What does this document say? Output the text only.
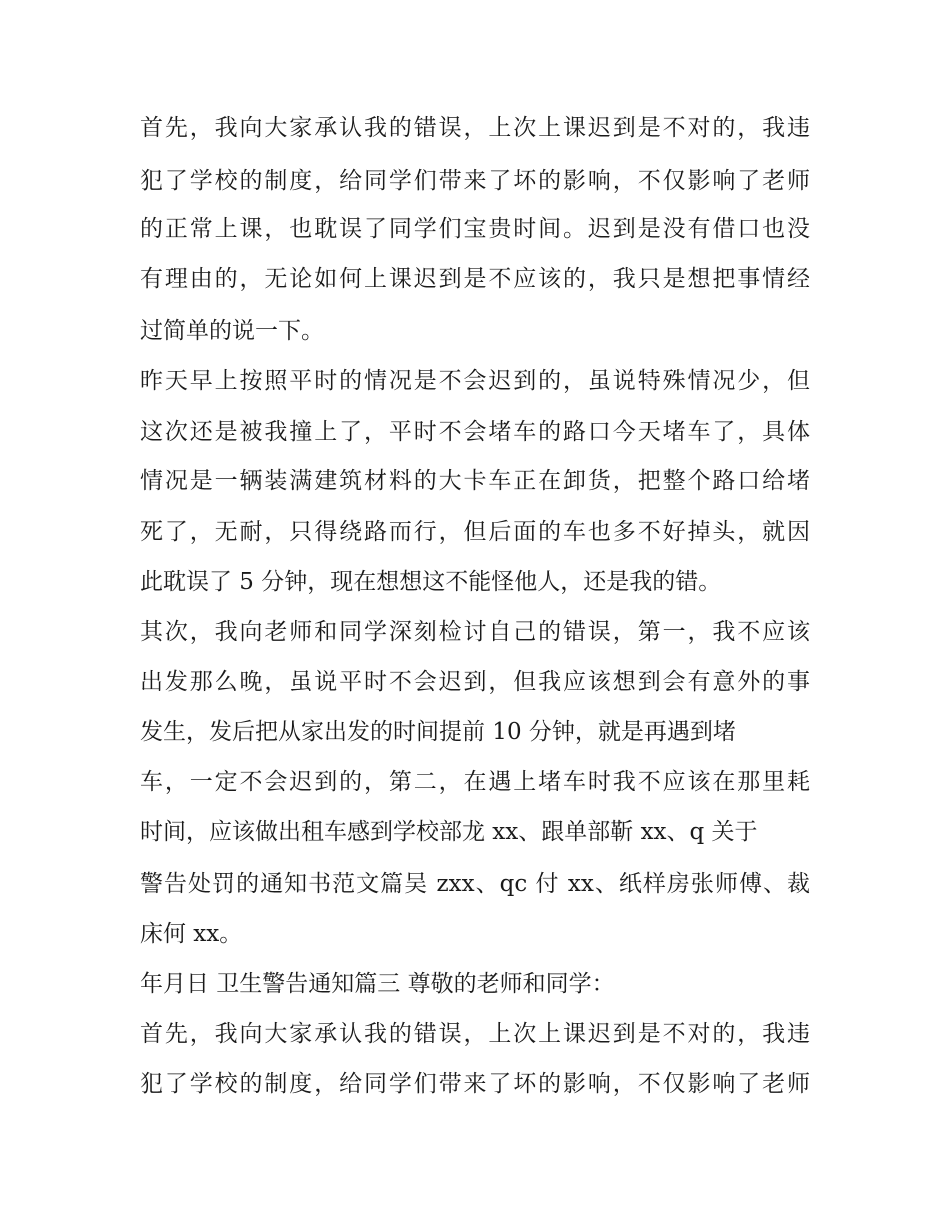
首先，我向大家承认我的错误，上次上课迟到是不对的，我违
犯了学校的制度，给同学们带来了坏的影响，不仅影响了老师
的正常上课，也耽误了同学们宝贵时间。迟到是没有借口也没
有理由的，无论如何上课迟到是不应该的，我只是想把事情经
过简单的说一下。
昨天早上按照平时的情况是不会迟到的，虽说特殊情况少，但
这次还是被我撞上了，平时不会堵车的路口今天堵车了，具体
情况是一辆装满建筑材料的大卡车正在卸货，把整个路口给堵
死了，无耐，只得绕路而行，但后面的车也多不好掉头，就因
此耽误了 5 分钟，现在想想这不能怪他人，还是我的错。
其次，我向老师和同学深刻检讨自己的错误，第一，我不应该
出发那么晚，虽说平时不会迟到，但我应该想到会有意外的事
发生，发后把从家出发的时间提前 10 分钟，就是再遇到堵
车，一定不会迟到的，第二，在遇上堵车时我不应该在那里耗
时间，应该做出租车感到学校部龙 xx、跟单部靳 xx、q 关于
警告处罚的通知书范文篇吴 zxx、qc 付 xx、纸样房张师傅、裁
床何 xx。
年月日 卫生警告通知篇三 尊敬的老师和同学：
首先，我向大家承认我的错误，上次上课迟到是不对的，我违
犯了学校的制度，给同学们带来了坏的影响，不仅影响了老师
